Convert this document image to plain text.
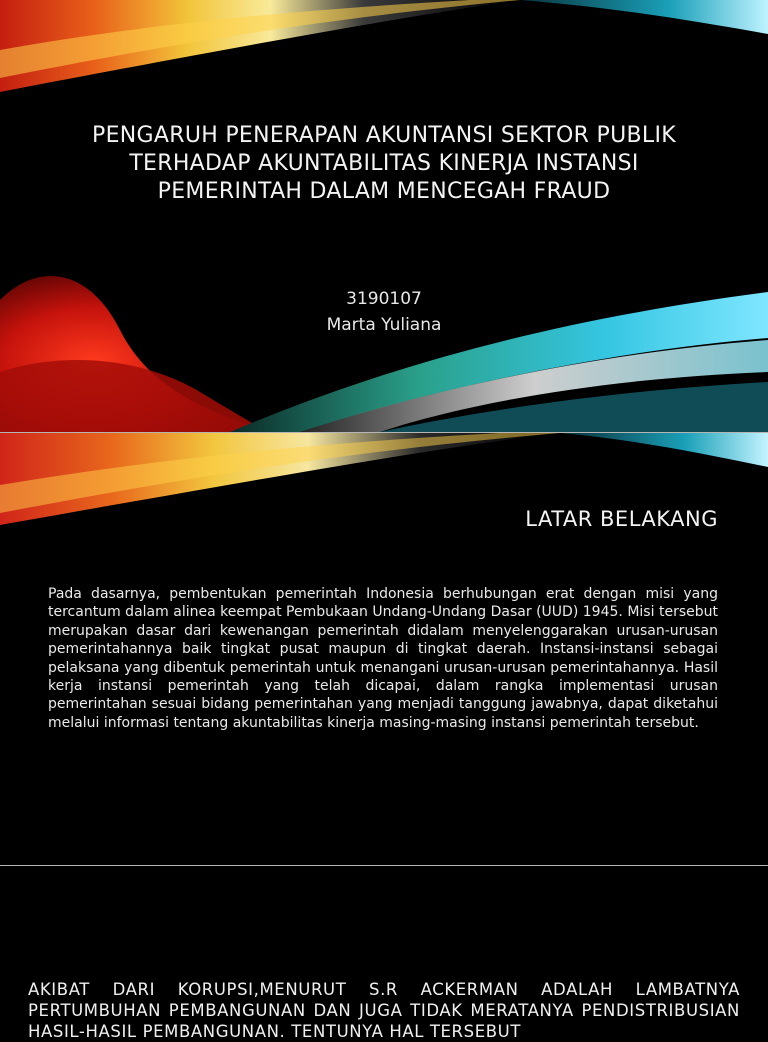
PENGARUH PENERAPAN AKUNTANSI SEKTOR PUBLIK TERHADAP AKUNTABILITAS KINERJA INSTANSI PEMERINTAH DALAM MENCEGAH FRAUD
3190107
Marta Yuliana
LATAR BELAKANG

Pada dasarnya, pembentukan pemerintah Indonesia berhubungan erat dengan misi yang tercantum dalam alinea keempat Pembukaan Undang-Undang Dasar (UUD) 1945. Misi tersebut merupakan dasar dari kewenangan pemerintah didalam menyelenggarakan urusan-urusan pemerintahannya baik tingkat pusat maupun di tingkat daerah. Instansi-instansi sebagai pelaksana yang dibentuk pemerintah untuk menangani urusan-urusan pemerintahannya. Hasil kerja instansi pemerintah yang telah dicapai, dalam rangka implementasi urusan pemerintahan sesuai bidang pemerintahan yang menjadi tanggung jawabnya, dapat diketahui melalui informasi tentang akuntabilitas kinerja masing-masing instansi pemerintah tersebut.

AKIBAT DARI KORUPSI,MENURUT S.R ACKERMAN ADALAH LAMBATNYA PERTUMBUHAN PEMBANGUNAN DAN JUGA TIDAK MERATANYA PENDISTRIBUSIAN HASIL-HASIL PEMBANGUNAN. TENTUNYA HAL TERSEBUT
